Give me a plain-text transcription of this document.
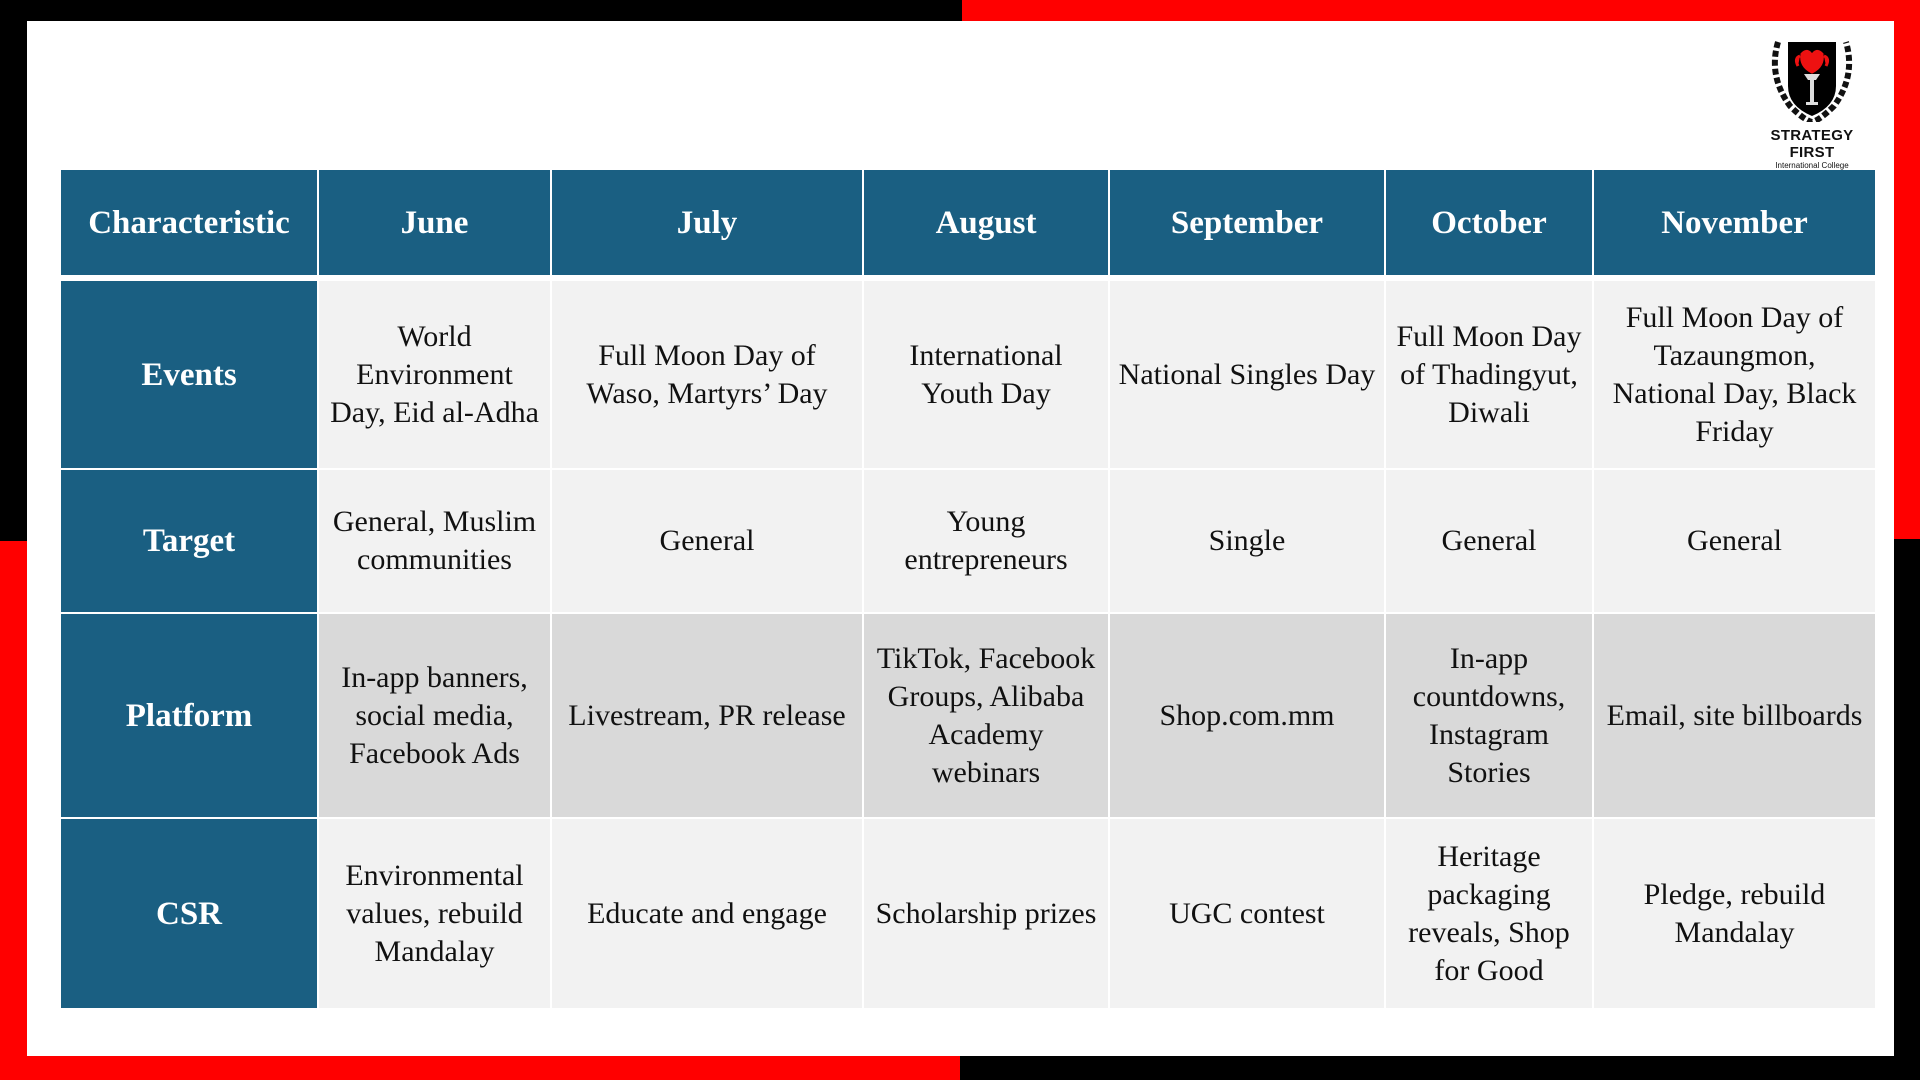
STRATEGY FIRST
International College
Characteristic	June	July	August	September	October	November
Events	World Environment Day, Eid al-Adha	Full Moon Day of Waso, Martyrs’ Day	International Youth Day	National Singles Day	Full Moon Day of Thadingyut, Diwali	Full Moon Day of Tazaungmon, National Day, Black Friday
Target	General, Muslim communities	General	Young entrepreneurs	Single	General	General
Platform	In-app banners, social media, Facebook Ads	Livestream, PR release	TikTok, Facebook Groups, Alibaba Academy webinars	Shop.com.mm	In-app countdowns, Instagram Stories	Email, site billboards
CSR	Environmental values, rebuild Mandalay	Educate and engage	Scholarship prizes	UGC contest	Heritage packaging reveals, Shop for Good	Pledge, rebuild Mandalay
